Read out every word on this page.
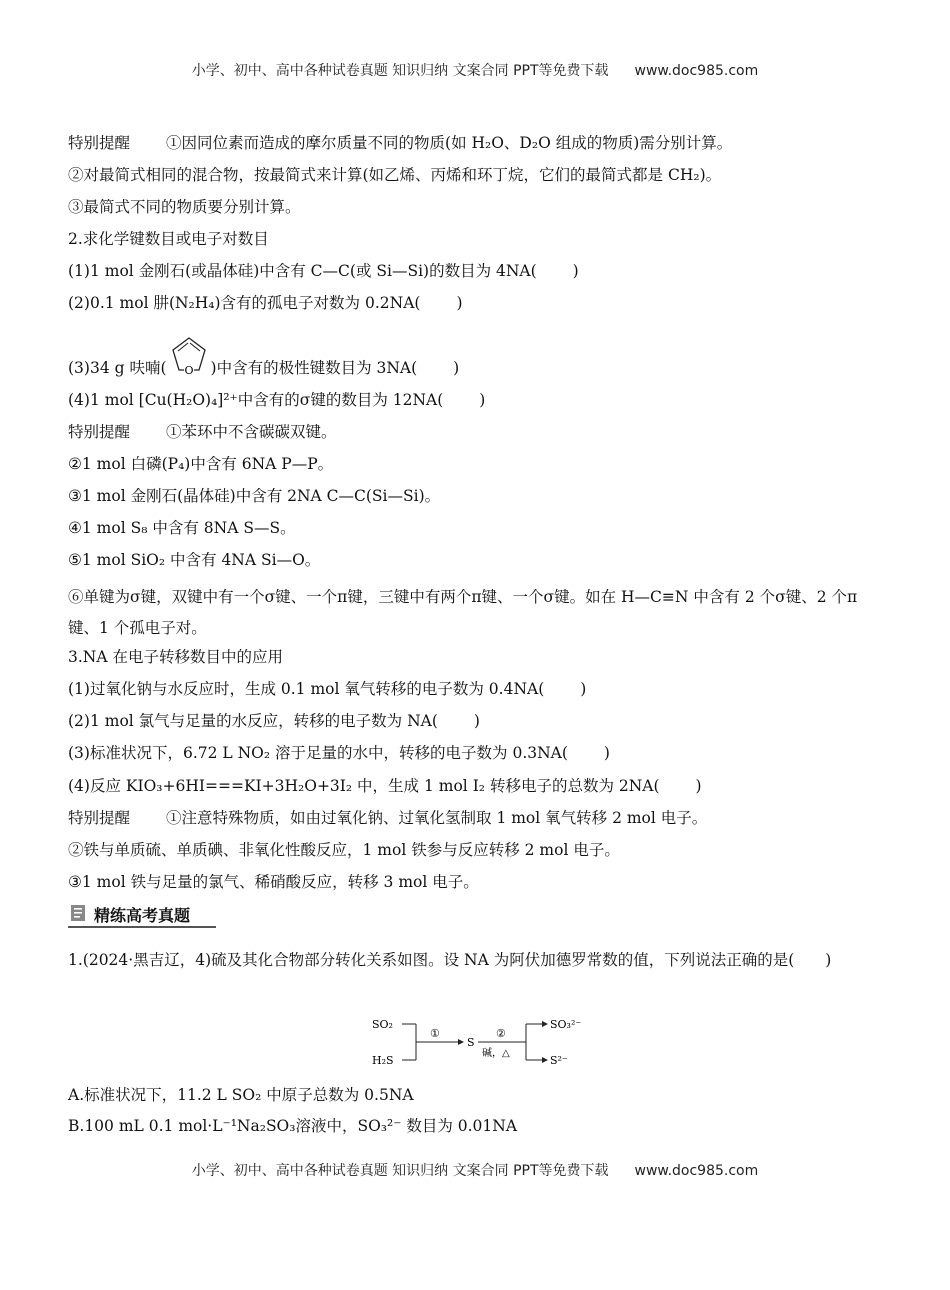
小学、初中、高中各种试卷真题 知识归纳 文案合同 PPT等免费下载 www.doc985.com
特别提醒 ①因同位素而造成的摩尔质量不同的物质(如 H₂O、D₂O 组成的物质)需分别计算。
②对最简式相同的混合物，按最简式来计算(如乙烯、丙烯和环丁烷，它们的最简式都是 CH₂)。
③最简式不同的物质要分别计算。
2.求化学键数目或电子对数目
(1)1 mol 金刚石(或晶体硅)中含有 C—C(或 Si—Si)的数目为 4NA( )
(2)0.1 mol 肼(N₂H₄)含有的孤电子对数为 0.2NA( )
(3)34 g 呋喃( O )中含有的极性键数目为 3NA( )
(4)1 mol [Cu(H₂O)₄]²⁺中含有的σ键的数目为 12NA( )
特别提醒 ①苯环中不含碳碳双键。
②1 mol 白磷(P₄)中含有 6NA P—P。
③1 mol 金刚石(晶体硅)中含有 2NA C—C(Si—Si)。
④1 mol S₈ 中含有 8NA S—S。
⑤1 mol SiO₂ 中含有 4NA Si—O。
⑥单键为σ键，双键中有一个σ键、一个π键，三键中有两个π键、一个σ键。如在 H—C≡N 中含有 2 个σ键、2 个π键、1 个孤电子对。
3.NA 在电子转移数目中的应用
(1)过氧化钠与水反应时，生成 0.1 mol 氧气转移的电子数为 0.4NA( )
(2)1 mol 氯气与足量的水反应，转移的电子数为 NA( )
(3)标准状况下，6.72 L NO₂ 溶于足量的水中，转移的电子数为 0.3NA( )
(4)反应 KIO₃+6HI===KI+3H₂O+3I₂ 中，生成 1 mol I₂ 转移电子的总数为 2NA( )
特别提醒 ①注意特殊物质，如由过氧化钠、过氧化氢制取 1 mol 氧气转移 2 mol 电子。
②铁与单质硫、单质碘、非氧化性酸反应，1 mol 铁参与反应转移 2 mol 电子。
③1 mol 铁与足量的氯气、稀硝酸反应，转移 3 mol 电子。
精练高考真题
1.(2024·黑吉辽，4)硫及其化合物部分转化关系如图。设 NA 为阿伏加德罗常数的值，下列说法正确的是(　　)
SO₂
H₂S
①
S
②
碱，△
SO₃²⁻
S²⁻
A.标准状况下，11.2 L SO₂ 中原子总数为 0.5NA
B.100 mL 0.1 mol·L⁻¹Na₂SO₃溶液中，SO₃²⁻ 数目为 0.01NA
小学、初中、高中各种试卷真题 知识归纳 文案合同 PPT等免费下载 www.doc985.com
